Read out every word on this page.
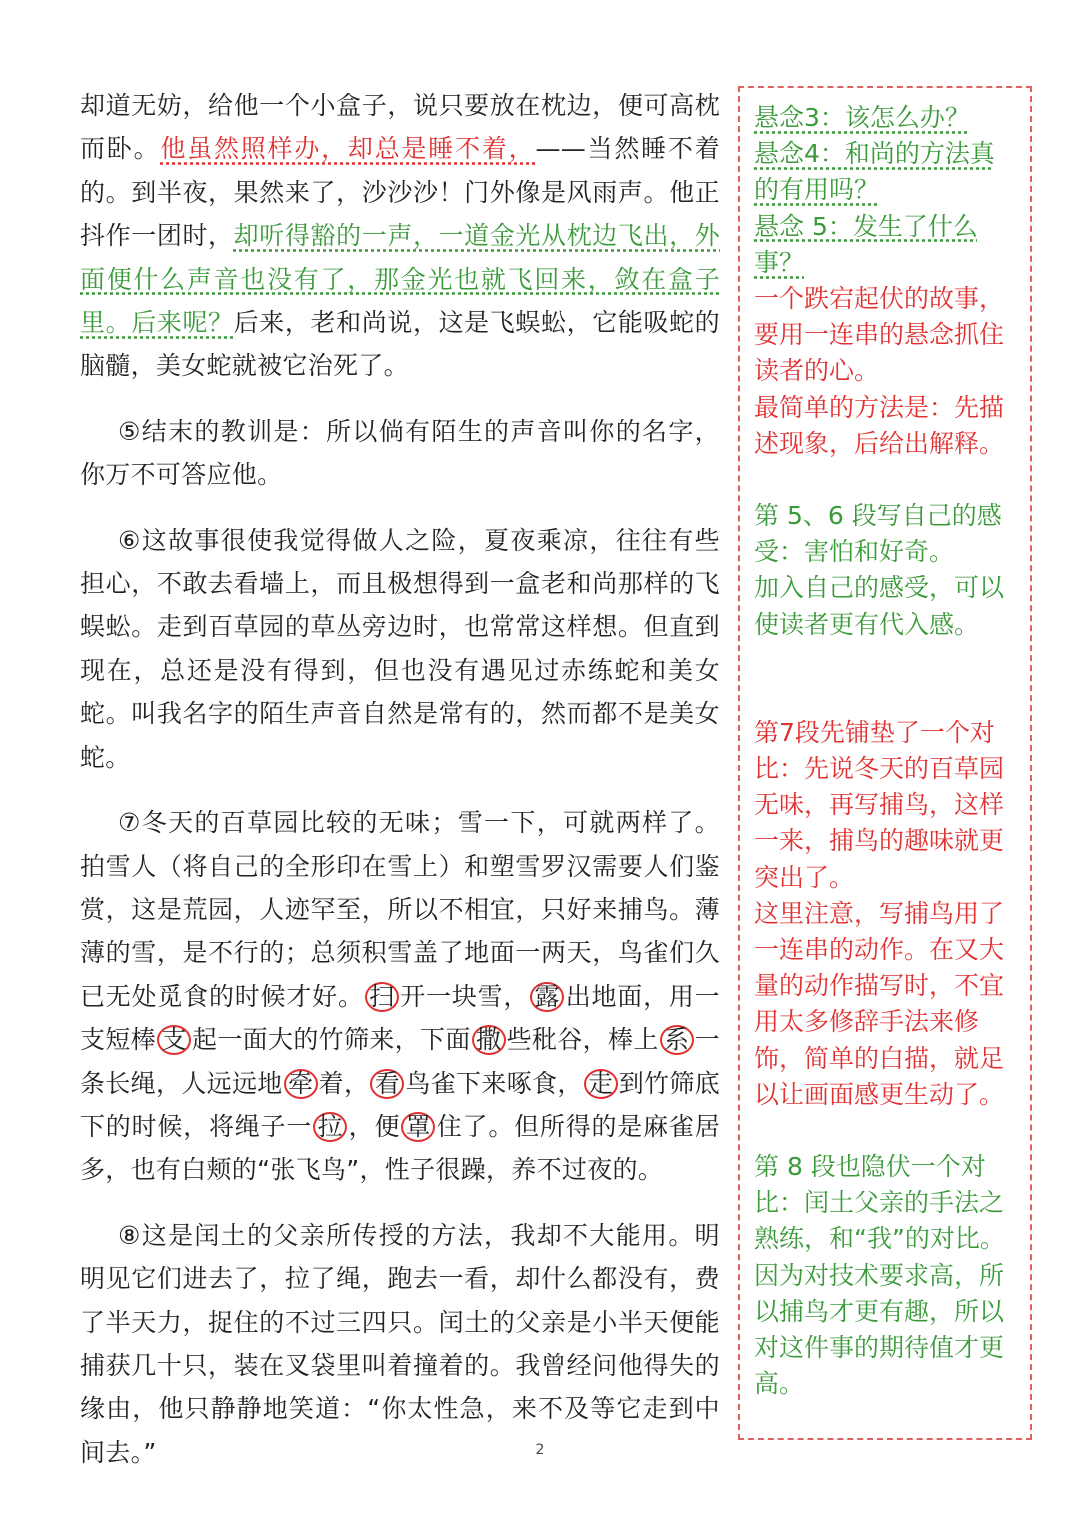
却道无妨，给他一个小盒子，说只要放在枕边，便可高枕而卧。他虽然照样办，却总是睡不着，——当然睡不着的。到半夜，果然来了，沙沙沙！门外像是风雨声。他正抖作一团时，却听得豁的一声，一道金光从枕边飞出，外面便什么声音也没有了，那金光也就飞回来，敛在盒子里。后来呢？后来，老和尚说，这是飞蜈蚣，它能吸蛇的脑髓，美女蛇就被它治死了。

⑤结末的教训是：所以倘有陌生的声音叫你的名字，你万不可答应他。

⑥这故事很使我觉得做人之险，夏夜乘凉，往往有些担心，不敢去看墙上，而且极想得到一盒老和尚那样的飞蜈蚣。走到百草园的草丛旁边时，也常常这样想。但直到现在，总还是没有得到，但也没有遇见过赤练蛇和美女蛇。叫我名字的陌生声音自然是常有的，然而都不是美女蛇。

⑦冬天的百草园比较的无味；雪一下，可就两样了。拍雪人（将自己的全形印在雪上）和塑雪罗汉需要人们鉴赏，这是荒园，人迹罕至，所以不相宜，只好来捕鸟。薄薄的雪，是不行的；总须积雪盖了地面一两天，鸟雀们久已无处觅食的时候才好。 扫 开一块雪， 露 出地面，用一支短棒 支 起一面大的竹筛来，下面 撒 些秕谷，棒上 系 一条长绳，人远远地 牵 着， 看 鸟雀下来啄食， 走 到竹筛底下的时候，将绳子一 拉 ，便 罩 住了。但所得的是麻雀居多，也有白颊的“张飞鸟”，性子很躁，养不过夜的。

⑧这是闰土的父亲所传授的方法，我却不大能用。明明见它们进去了，拉了绳，跑去一看，却什么都没有，费了半天力，捉住的不过三四只。闰土的父亲是小半天便能捕获几十只，装在叉袋里叫着撞着的。我曾经问他得失的缘由，他只静静地笑道：“你太性急，来不及等它走到中间去。”

悬念3：该怎么办？

悬念4：和尚的方法真的有用吗？

悬念 5：发生了什么事？

一个跌宕起伏的故事，要用一连串的悬念抓住读者的心。

最简单的方法是：先描述现象，后给出解释。

第 5、6 段写自己的感受：害怕和好奇。

加入自己的感受，可以使读者更有代入感。

第7段先铺垫了一个对比：先说冬天的百草园无味，再写捕鸟，这样一来，捕鸟的趣味就更突出了。

这里注意，写捕鸟用了一连串的动作。在又大量的动作描写时，不宜用太多修辞手法来修饰，简单的白描，就足以让画面感更生动了。

第 8 段也隐伏一个对比：闰土父亲的手法之熟练，和“我”的对比。因为对技术要求高，所以捕鸟才更有趣，所以对这件事的期待值才更高。

2
